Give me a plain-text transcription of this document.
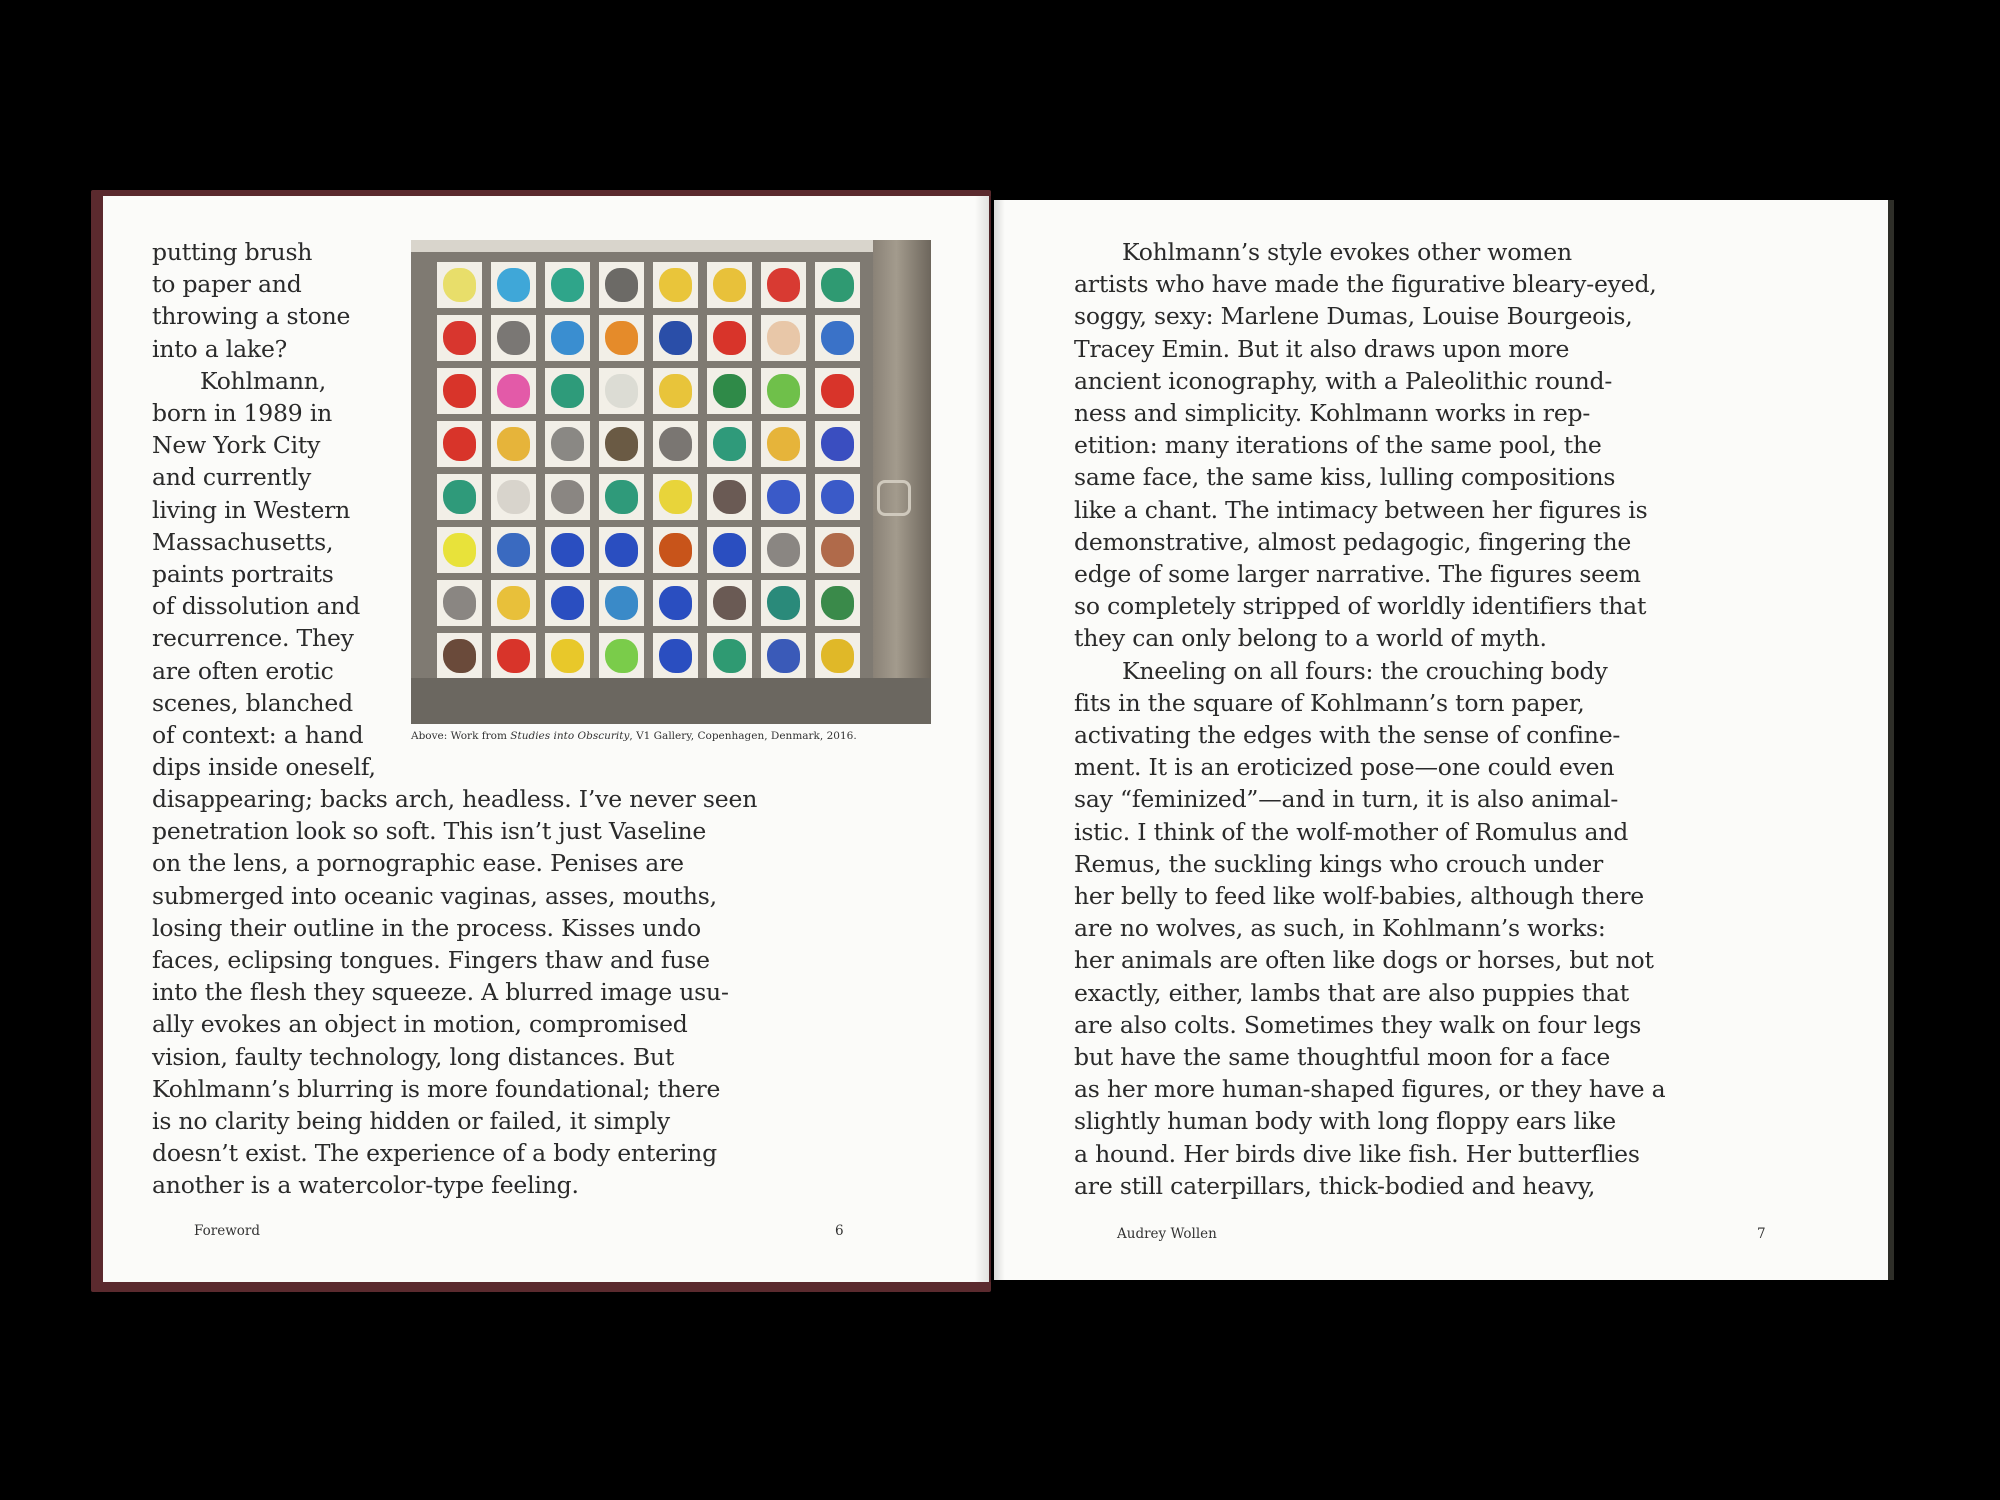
putting brush
to paper and
throwing a stone
into a lake?
Kohlmann,
born in 1989 in
New York City
and currently
living in Western
Massachusetts,
paints portraits
of dissolution and
recurrence. They
are often erotic
scenes, blanched
of context: a hand
dips inside oneself,
disappearing; backs arch, headless. I’ve never seen
penetration look so soft. This isn’t just Vaseline
on the lens, a pornographic ease. Penises are
submerged into oceanic vaginas, asses, mouths,
losing their outline in the process. Kisses undo
faces, eclipsing tongues. Fingers thaw and fuse
into the flesh they squeeze. A blurred image usu-
ally evokes an object in motion, compromised
vision, faulty technology, long distances. But
Kohlmann’s blurring is more foundational; there
is no clarity being hidden or failed, it simply
doesn’t exist. The experience of a body entering
another is a watercolor-type feeling.

Above: Work from Studies into Obscurity, V1 Gallery, Copenhagen, Denmark, 2016.

Kohlmann’s style evokes other women
artists who have made the figurative bleary-eyed,
soggy, sexy: Marlene Dumas, Louise Bourgeois,
Tracey Emin. But it also draws upon more
ancient iconography, with a Paleolithic round-
ness and simplicity. Kohlmann works in rep-
etition: many iterations of the same pool, the
same face, the same kiss, lulling compositions
like a chant. The intimacy between her figures is
demonstrative, almost pedagogic, fingering the
edge of some larger narrative. The figures seem
so completely stripped of worldly identifiers that
they can only belong to a world of myth.
Kneeling on all fours: the crouching body
fits in the square of Kohlmann’s torn paper,
activating the edges with the sense of confine-
ment. It is an eroticized pose—one could even
say “feminized”—and in turn, it is also animal-
istic. I think of the wolf-mother of Romulus and
Remus, the suckling kings who crouch under
her belly to feed like wolf-babies, although there
are no wolves, as such, in Kohlmann’s works:
her animals are often like dogs or horses, but not
exactly, either, lambs that are also puppies that
are also colts. Sometimes they walk on four legs
but have the same thoughtful moon for a face
as her more human-shaped figures, or they have a
slightly human body with long floppy ears like
a hound. Her birds dive like fish. Her butterflies
are still caterpillars, thick-bodied and heavy,
Foreword	6	Audrey Wollen	7
